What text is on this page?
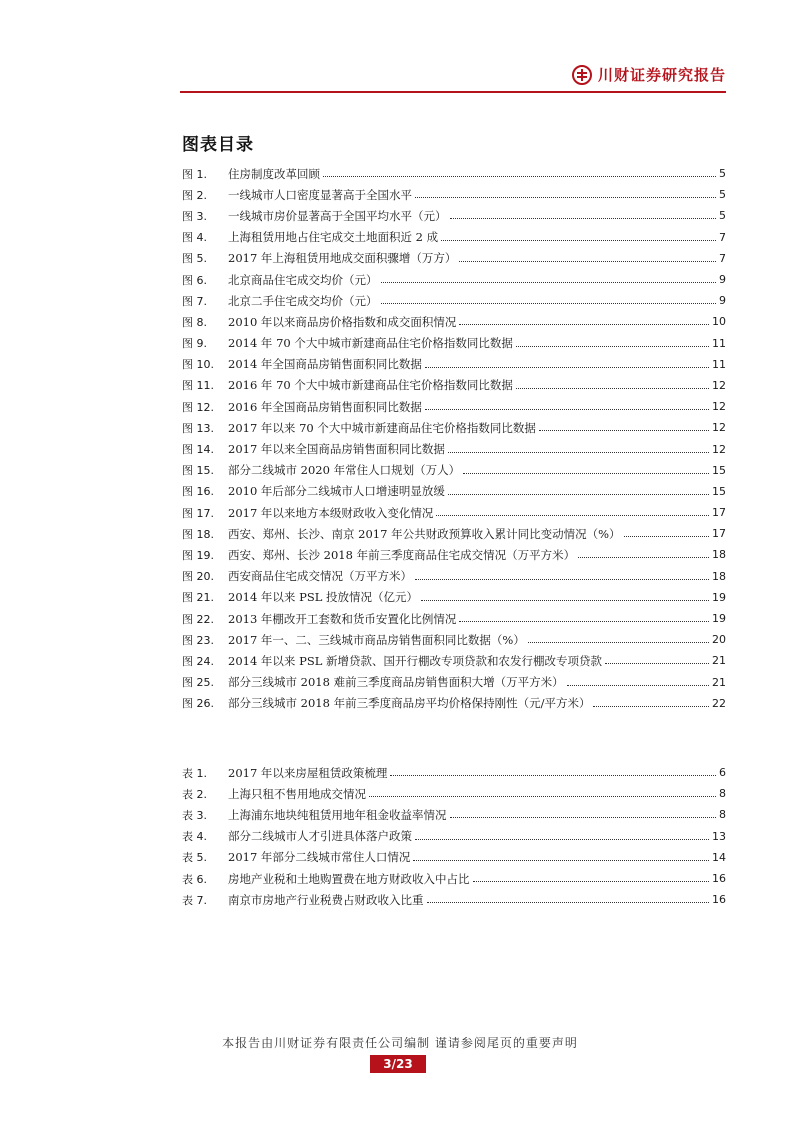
川财证券研究报告
图表目录
图 1.	住房制度改革回顾	5
图 2.	一线城市人口密度显著高于全国水平	5
图 3.	一线城市房价显著高于全国平均水平（元）	5
图 4.	上海租赁用地占住宅成交土地面积近 2 成	7
图 5.	2017 年上海租赁用地成交面积骤增（万方）	7
图 6.	北京商品住宅成交均价（元）	9
图 7.	北京二手住宅成交均价（元）	9
图 8.	2010 年以来商品房价格指数和成交面积情况	10
图 9.	2014 年 70 个大中城市新建商品住宅价格指数同比数据	11
图 10.	2014 年全国商品房销售面积同比数据	11
图 11.	2016 年 70 个大中城市新建商品住宅价格指数同比数据	12
图 12.	2016 年全国商品房销售面积同比数据	12
图 13.	2017 年以来 70 个大中城市新建商品住宅价格指数同比数据	12
图 14.	2017 年以来全国商品房销售面积同比数据	12
图 15.	部分二线城市 2020 年常住人口规划（万人）	15
图 16.	2010 年后部分二线城市人口增速明显放缓	15
图 17.	2017 年以来地方本级财政收入变化情况	17
图 18.	西安、郑州、长沙、南京 2017 年公共财政预算收入累计同比变动情况（%）	17
图 19.	西安、郑州、长沙 2018 年前三季度商品住宅成交情况（万平方米）	18
图 20.	西安商品住宅成交情况（万平方米）	18
图 21.	2014 年以来 PSL 投放情况（亿元）	19
图 22.	2013 年棚改开工套数和货币安置化比例情况	19
图 23.	2017 年一、二、三线城市商品房销售面积同比数据（%）	20
图 24.	2014 年以来 PSL 新增贷款、国开行棚改专项贷款和农发行棚改专项贷款	21
图 25.	部分三线城市 2018 难前三季度商品房销售面积大增（万平方米）	21
图 26.	部分三线城市 2018 年前三季度商品房平均价格保持刚性（元/平方米）	22
表 1.	2017 年以来房屋租赁政策梳理	6
表 2.	上海只租不售用地成交情况	8
表 3.	上海浦东地块纯租赁用地年租金收益率情况	8
表 4.	部分二线城市人才引进具体落户政策	13
表 5.	2017 年部分二线城市常住人口情况	14
表 6.	房地产业税和土地购置费在地方财政收入中占比	16
表 7.	南京市房地产行业税费占财政收入比重	16
本报告由川财证券有限责任公司编制 谨请参阅尾页的重要声明
3/23
